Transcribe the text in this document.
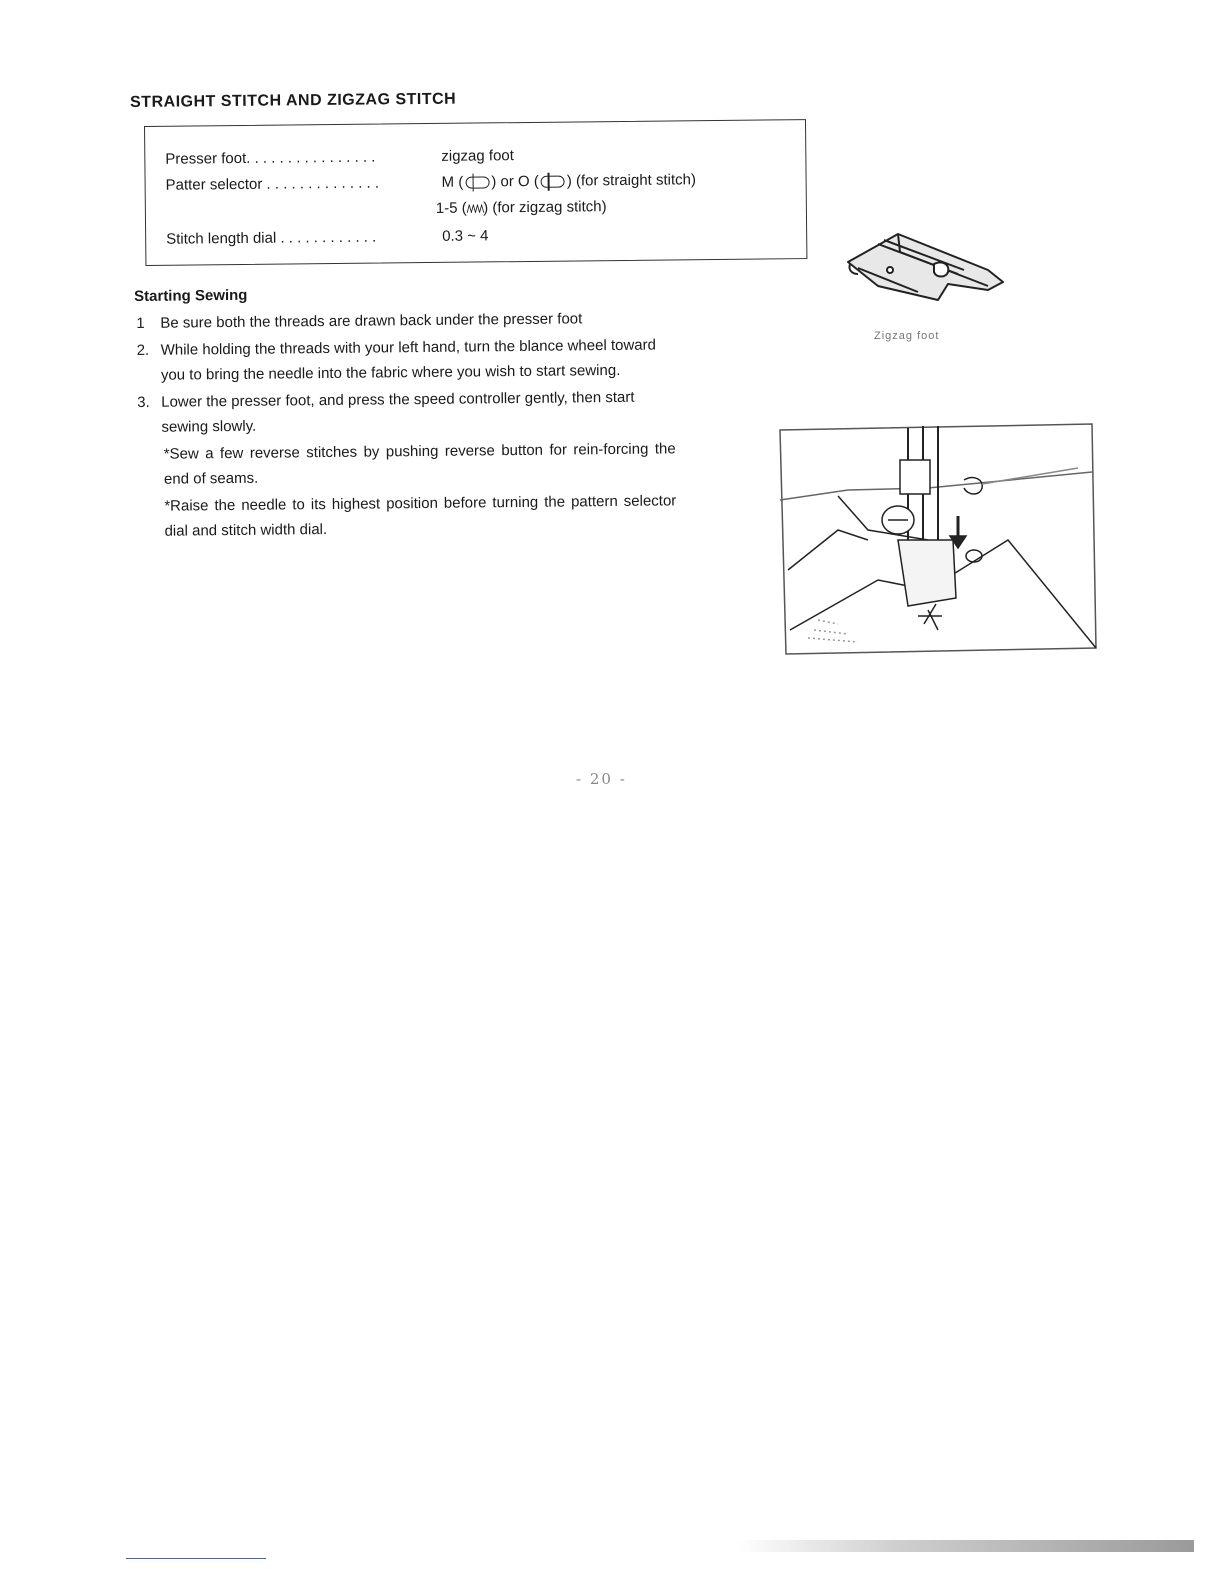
STRAIGHT STITCH AND ZIGZAG STITCH
Presser foot. . . . . . . . . . . . . . . .	zigzag foot
Patter selector . . . . . . . . . . . . . .	M ( ) or O ( ) (for straight stitch)
1-5 (/\/\/\/\) (for zigzag stitch)
Stitch length dial . . . . . . . . . . . .	0.3 ~ 4
Starting Sewing
1 Be sure both the threads are drawn back under the presser foot
2. While holding the threads with your left hand, turn the blance wheel toward you to bring the needle into the fabric where you wish to start sewing.
3. Lower the presser foot, and press the speed controller gently, then start sewing slowly.
*Sew a few reverse stitches by pushing reverse button for rein-forcing the end of seams.
*Raise the needle to its highest position before turning the pattern selector dial and stitch width dial.
Zigzag foot
- 20 -
